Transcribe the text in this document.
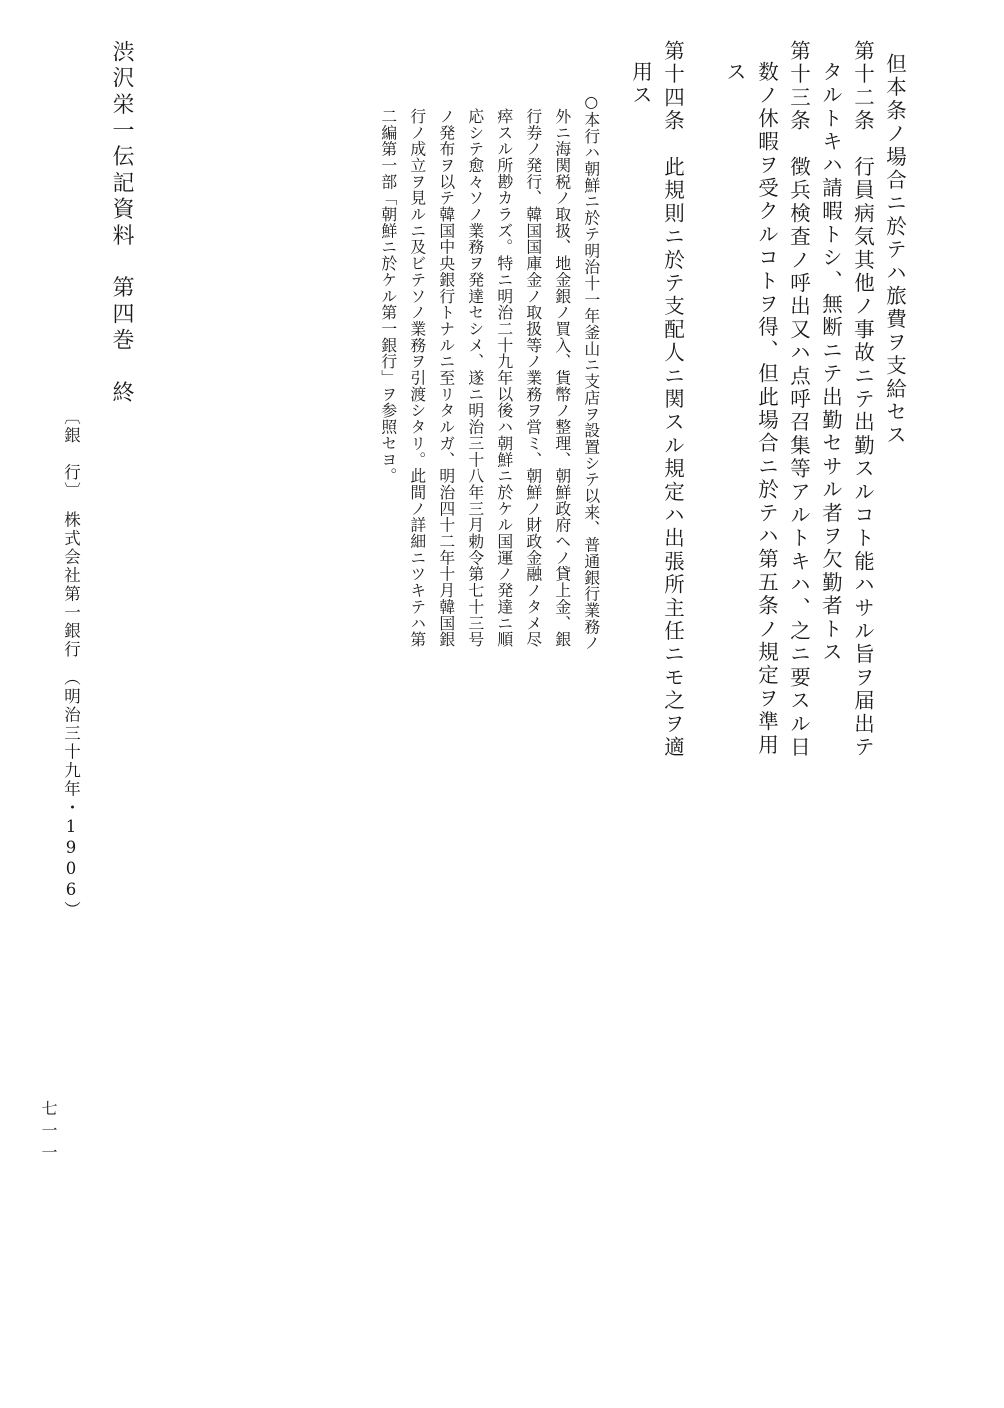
但本条ノ場合ニ於テハ旅費ヲ支給セス
第十二条　行員病気其他ノ事故ニテ出勤スルコト能ハサル旨ヲ届出テ
タルトキハ請暇トシ、無断ニテ出勤セサル者ヲ欠勤者トス
第十三条　徴兵検査ノ呼出又ハ点呼召集等アルトキハ、之ニ要スル日
数ノ休暇ヲ受クルコトヲ得、但此場合ニ於テハ第五条ノ規定ヲ準用
ス
第十四条　此規則ニ於テ支配人ニ関スル規定ハ出張所主任ニモ之ヲ適
用ス
○本行ハ朝鮮ニ於テ明治十一年釜山ニ支店ヲ設置シテ以来、普通銀行業務ノ
外ニ海関税ノ取扱、地金銀ノ買入、貨幣ノ整理、朝鮮政府ヘノ貸上金、銀
行券ノ発行、韓国国庫金ノ取扱等ノ業務ヲ営ミ、朝鮮ノ財政金融ノタメ尽
瘁スル所尠カラズ。特ニ明治二十九年以後ハ朝鮮ニ於ケル国運ノ発達ニ順
応シテ愈々ソノ業務ヲ発達セシメ、遂ニ明治三十八年三月勅令第七十三号
ノ発布ヲ以テ韓国中央銀行トナルニ至リタルガ、明治四十二年十月韓国銀
行ノ成立ヲ見ルニ及ビテソノ業務ヲ引渡シタリ。此間ノ詳細ニツキテハ第
二編第一部「朝鮮ニ於ケル第一銀行」ヲ参照セヨ。
渋沢栄一伝記資料　第四巻　終
〔銀　行〕　株式会社第一銀行　（明治三十九年・1906）
七一一
